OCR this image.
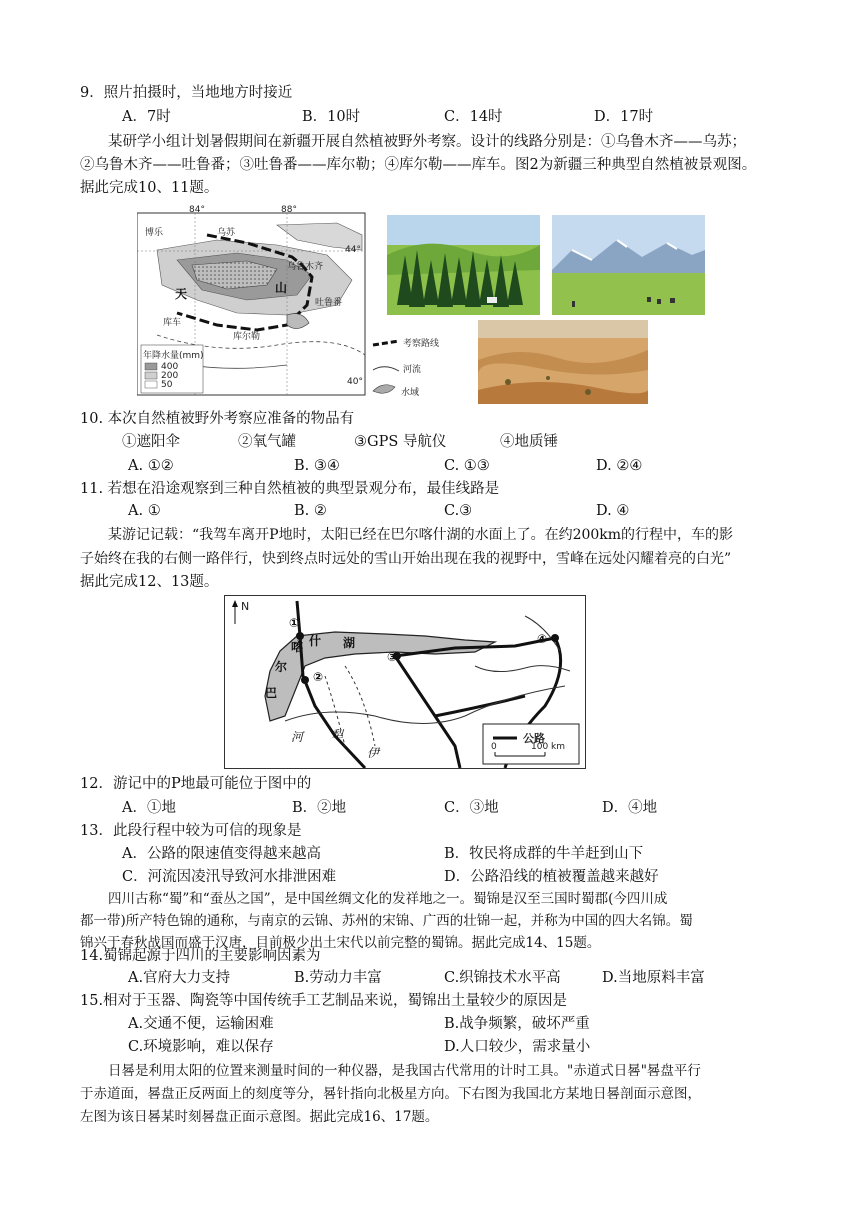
9．照片拍摄时，当地地方时接近
A．7时	B．10时	C．14时	D．17时
某研学小组计划暑假期间在新疆开展自然植被野外考察。设计的线路分别是：①乌鲁木齐——乌苏；
②乌鲁木齐——吐鲁番；③吐鲁番——库尔勒；④库尔勒——库车。图2为新疆三种典型自然植被景观图。
据此完成10、11题。
84°	88°
44°
40°
博乐	乌苏
乌鲁木齐
吐鲁番
库车
库尔勒
天	山
年降水量(mm)
400
200
50
考察路线
河流
水域
10. 本次自然植被野外考察应准备的物品有
①遮阳伞	②氧气罐	③GPS 导航仪	④地质锤
A. ①②	B. ③④	C. ①③	D. ②④
11. 若想在沿途观察到三种自然植被的典型景观分布，最佳线路是
A. ①	B. ②	C.③	D. ④
某游记记载：“我驾车离开P地时，太阳已经在巴尔喀什湖的水面上了。在约200km的行程中，车的影
子始终在我的右侧一路伴行，快到终点时远处的雪山开始出现在我的视野中，雪峰在远处闪耀着亮的白光”
据此完成12、13题。
N
巴
尔
喀 什 湖
河 犁
伊
①
②
③
④
公路
0	100 km
12．游记中的P地最可能位于图中的
A．①地	B．②地	C．③地	D．④地
13．此段行程中较为可信的现象是
A．公路的限速值变得越来越高	B．牧民将成群的牛羊赶到山下
C．河流因凌汛导致河水排泄困难	D．公路沿线的植被覆盖越来越好
四川古称“蜀”和“蚕丛之国”，是中国丝绸文化的发祥地之一。蜀锦是汉至三国时蜀郡(今四川成
都一带)所产特色锦的通称，与南京的云锦、苏州的宋锦、广西的壮锦一起，并称为中国的四大名锦。蜀
锦兴于春秋战国而盛于汉唐，目前极少出土宋代以前完整的蜀锦。据此完成14、15题。
14.蜀锦起源于四川的主要影响因素为
A.官府大力支持	B.劳动力丰富	C.织锦技术水平高	D.当地原料丰富
15.相对于玉器、陶瓷等中国传统手工艺制品来说，蜀锦出土量较少的原因是
A.交通不便，运输困难	B.战争频繁，破坏严重
C.环境影响，难以保存	D.人口较少，需求量小
日晷是利用太阳的位置来测量时间的一种仪器，是我国古代常用的计时工具。"赤道式日晷"晷盘平行
于赤道面，晷盘正反两面上的刻度等分，晷针指向北极星方向。下右图为我国北方某地日晷剖面示意图，
左图为该日晷某时刻晷盘正面示意图。据此完成16、17题。
